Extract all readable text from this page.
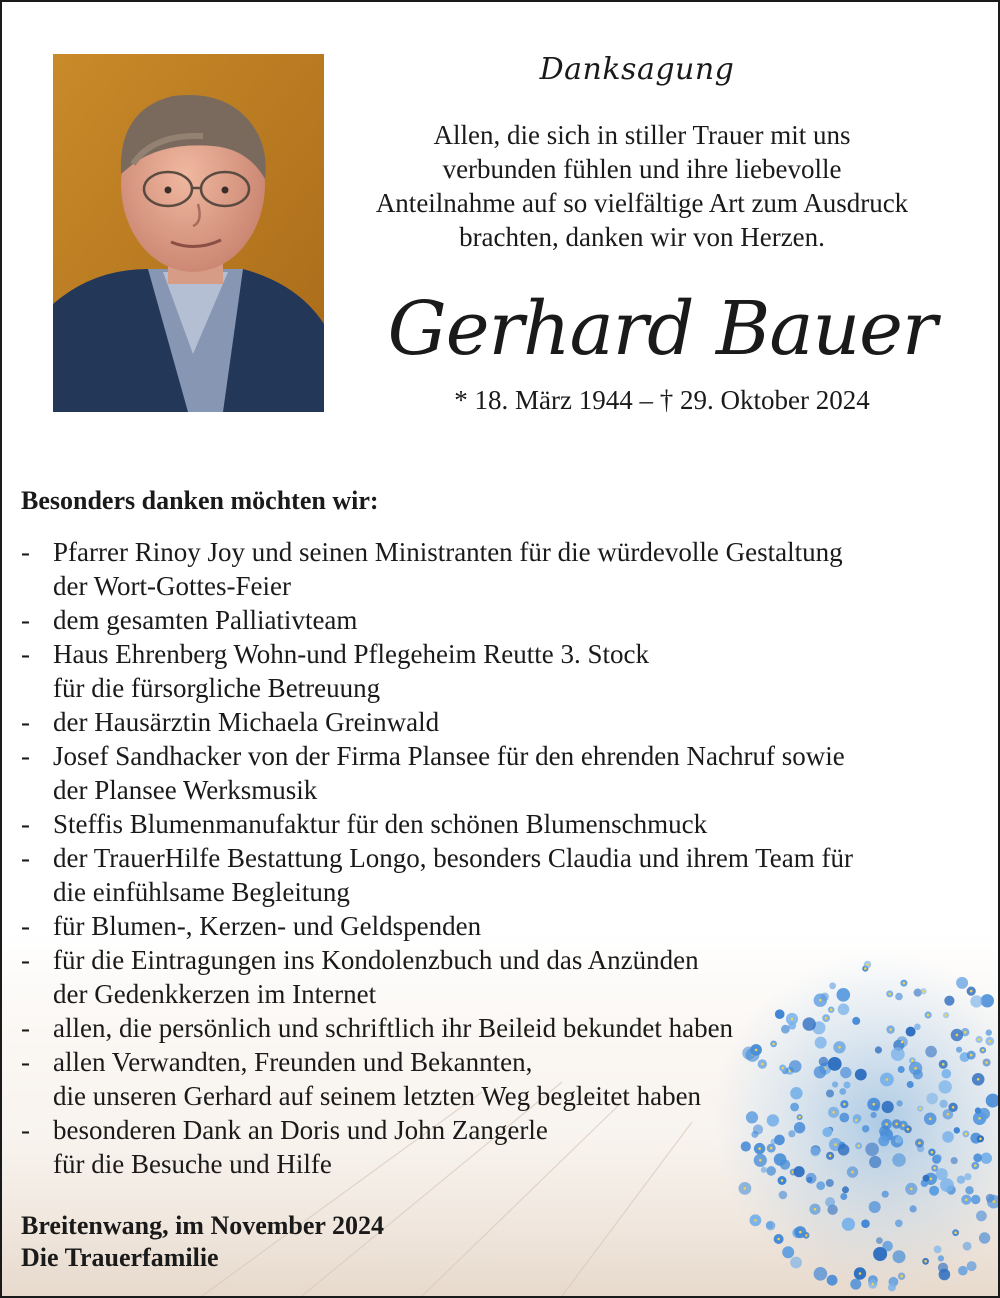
Danksagung

Allen, die sich in stiller Trauer mit uns

verbunden fühlen und ihre liebevolle

Anteilnahme auf so vielfältige Art zum Ausdruck

brachten, danken wir von Herzen.

Gerhard Bauer
* 18. März 1944 – † 29. Oktober 2024
Besonders danken möchten wir:
- Pfarrer Rinoy Joy und seinen Ministranten für die würdevolle Gestaltung
der Wort-Gottes-Feier
- dem gesamten Palliativteam
- Haus Ehrenberg Wohn-und Pflegeheim Reutte 3. Stock
für die fürsorgliche Betreuung
- der Hausärztin Michaela Greinwald
- Josef Sandhacker von der Firma Plansee für den ehrenden Nachruf sowie
der Plansee Werksmusik
- Steffis Blumenmanufaktur für den schönen Blumenschmuck
- der TrauerHilfe Bestattung Longo, besonders Claudia und ihrem Team für
die einfühlsame Begleitung
- für Blumen-, Kerzen- und Geldspenden
- für die Eintragungen ins Kondolenzbuch und das Anzünden
der Gedenkkerzen im Internet
- allen, die persönlich und schriftlich ihr Beileid bekundet haben
- allen Verwandten, Freunden und Bekannten,
die unseren Gerhard auf seinem letzten Weg begleitet haben
- besonderen Dank an Doris und John Zangerle
für die Besuche und Hilfe
Breitenwang, im November 2024
Die Trauerfamilie
